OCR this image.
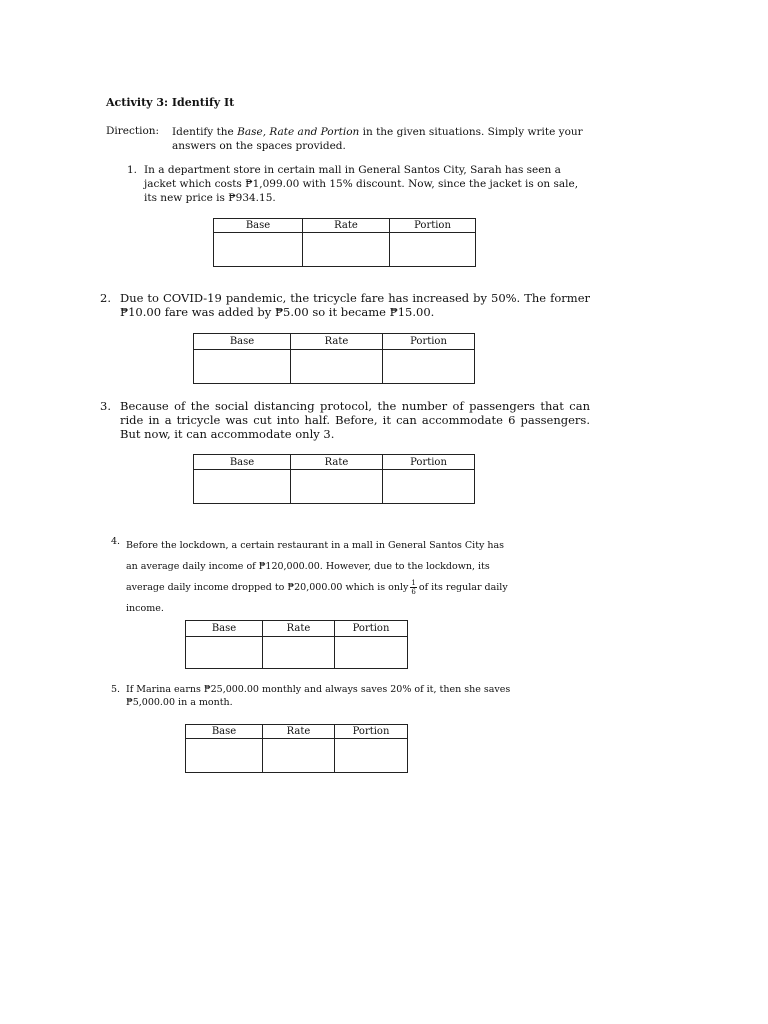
Activity 3: Identify It
Direction: Identify the Base, Rate and Portion in the given situations. Simply write your answers on the spaces provided.
1. In a department store in certain mall in General Santos City, Sarah has seen a jacket which costs ₱1,099.00 with 15% discount. Now, since the jacket is on sale, its new price is ₱934.15.
Base	Rate	Portion

2. Due to COVID-19 pandemic, the tricycle fare has increased by 50%. The former ₱10.00 fare was added by ₱5.00 so it became ₱15.00.
Base	Rate	Portion

3. Because of the social distancing protocol, the number of passengers that can ride in a tricycle was cut into half. Before, it can accommodate 6 passengers. But now, it can accommodate only 3.
Base	Rate	Portion

4. Before the lockdown, a certain restaurant in a mall in General Santos City has an average daily income of ₱120,000.00. However, due to the lockdown, its average daily income dropped to ₱20,000.00 which is only $\frac{1}{6}$ of its regular daily income.
Base	Rate	Portion

5. If Marina earns ₱25,000.00 monthly and always saves 20% of it, then she saves ₱5,000.00 in a month.
Base	Rate	Portion
